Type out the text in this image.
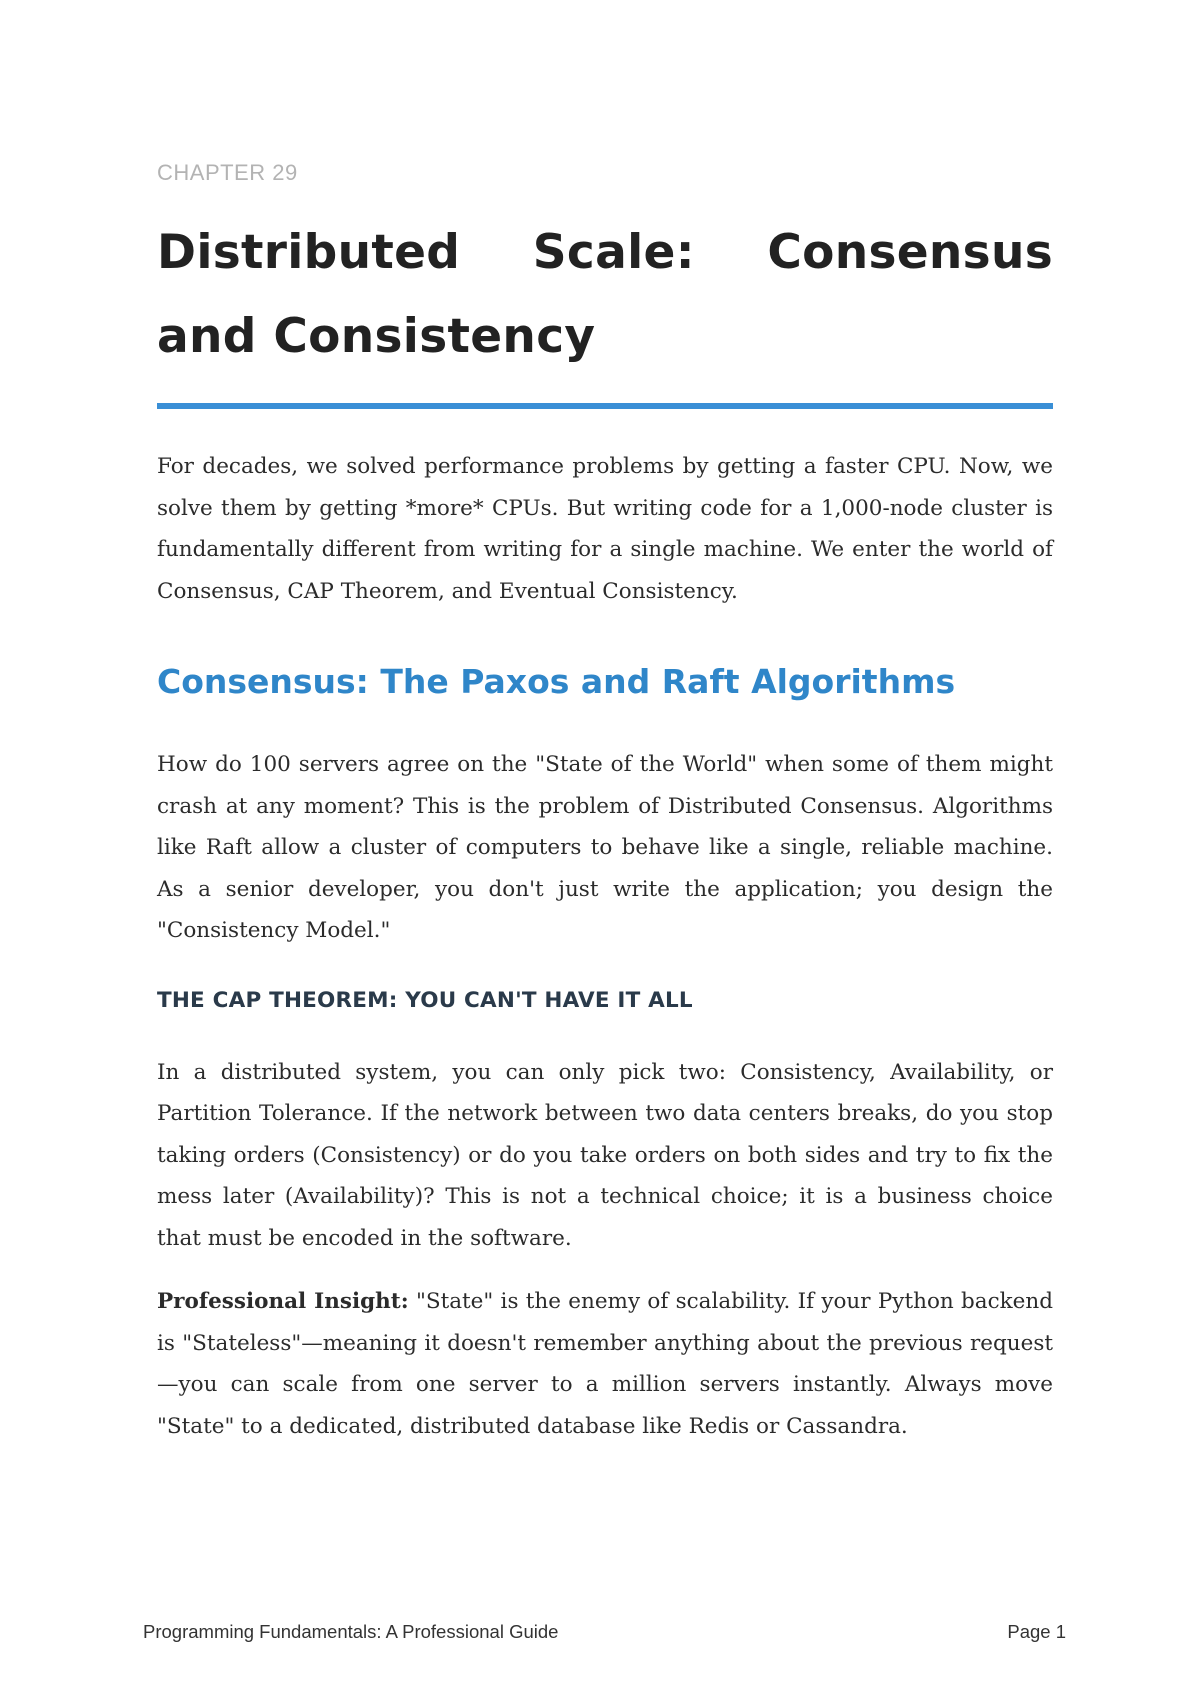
CHAPTER 29

Distributed Scale: Consensus and Consistency

For decades, we solved performance problems by getting a faster CPU. Now, we solve them by getting *more* CPUs. But writing code for a 1,000-node cluster is fundamentally different from writing for a single machine. We enter the world of Consensus, CAP Theorem, and Eventual Consistency.

Consensus: The Paxos and Raft Algorithms

How do 100 servers agree on the "State of the World" when some of them might crash at any moment? This is the problem of Distributed Consensus. Algorithms like Raft allow a cluster of computers to behave like a single, reliable machine. As a senior developer, you don't just write the application; you design the "Consistency Model."

THE CAP THEOREM: YOU CAN'T HAVE IT ALL

In a distributed system, you can only pick two: Consistency, Availability, or Partition Tolerance. If the network between two data centers breaks, do you stop taking orders (Consistency) or do you take orders on both sides and try to fix the mess later (Availability)? This is not a technical choice; it is a business choice that must be encoded in the software.

Professional Insight: "State" is the enemy of scalability. If your Python backend is "Stateless"—meaning it doesn't remember anything about the previous request—you can scale from one server to a million servers instantly. Always move "State" to a dedicated, distributed database like Redis or Cassandra.

Programming Fundamentals: A Professional Guide	Page 1
